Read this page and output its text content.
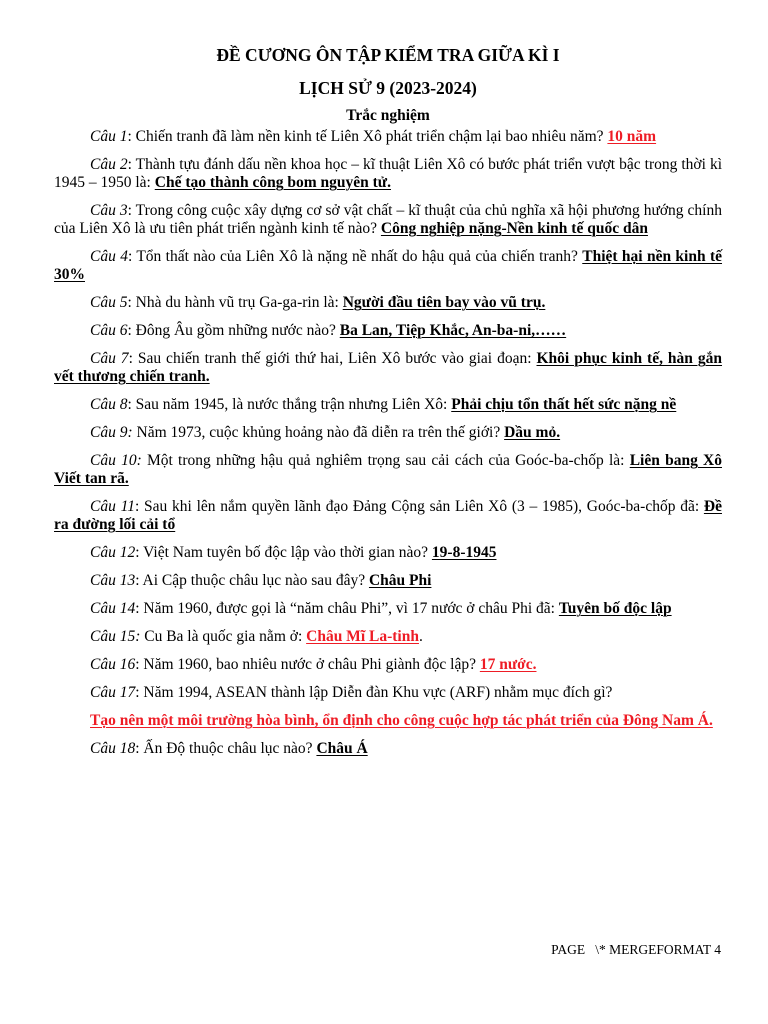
ĐỀ CƯƠNG ÔN TẬP KIỂM TRA GIỮA KÌ I

LỊCH SỬ 9 (2023-2024)

Trắc nghiệm

Câu 1: Chiến tranh đã làm nền kinh tế Liên Xô phát triển chậm lại bao nhiêu năm? 10 năm

Câu 2: Thành tựu đánh dấu nền khoa học – kĩ thuật Liên Xô có bước phát triển vượt bậc trong thời kì 1945 – 1950 là: Chế tạo thành công bom nguyên tử.

Câu 3: Trong công cuộc xây dựng cơ sở vật chất – kĩ thuật của chủ nghĩa xã hội phương hướng chính của Liên Xô là ưu tiên phát triển ngành kinh tế nào? Công nghiệp nặng-Nền kinh tế quốc dân

Câu 4: Tổn thất nào của Liên Xô là nặng nề nhất do hậu quả của chiến tranh? Thiệt hại nền kinh tế 30%

Câu 5: Nhà du hành vũ trụ Ga-ga-rin là: Người đầu tiên bay vào vũ trụ.

Câu 6: Đông Âu gồm những nước nào? Ba Lan, Tiệp Khắc, An-ba-ni,……

Câu 7: Sau chiến tranh thế giới thứ hai, Liên Xô bước vào giai đoạn: Khôi phục kinh tế, hàn gắn vết thương chiến tranh.

Câu 8: Sau năm 1945, là nước thắng trận nhưng Liên Xô: Phải chịu tổn thất hết sức nặng nề

Câu 9: Năm 1973, cuộc khủng hoảng nào đã diễn ra trên thế giới? Dầu mỏ.

Câu 10: Một trong những hậu quả nghiêm trọng sau cải cách của Goóc-ba-chốp là: Liên bang Xô Viết tan rã.

Câu 11: Sau khi lên nắm quyền lãnh đạo Đảng Cộng sản Liên Xô (3 – 1985), Goóc-ba-chốp đã: Đề ra đường lối cải tổ

Câu 12: Việt Nam tuyên bố độc lập vào thời gian nào? 19-8-1945

Câu 13: Ai Cập thuộc châu lục nào sau đây? Châu Phi

Câu 14: Năm 1960, được gọi là “năm châu Phi”, vì 17 nước ở châu Phi đã: Tuyên bố độc lập

Câu 15: Cu Ba là quốc gia nằm ở: Châu Mĩ La-tinh.

Câu 16: Năm 1960, bao nhiêu nước ở châu Phi giành độc lập? 17 nước.

Câu 17: Năm 1994, ASEAN thành lập Diễn đàn Khu vực (ARF) nhằm mục đích gì?

Tạo nên một môi trường hòa bình, ổn định cho công cuộc hợp tác phát triển của Đông Nam Á.

Câu 18: Ấn Độ thuộc châu lục nào? Châu Á

PAGE   \* MERGEFORMAT 4
